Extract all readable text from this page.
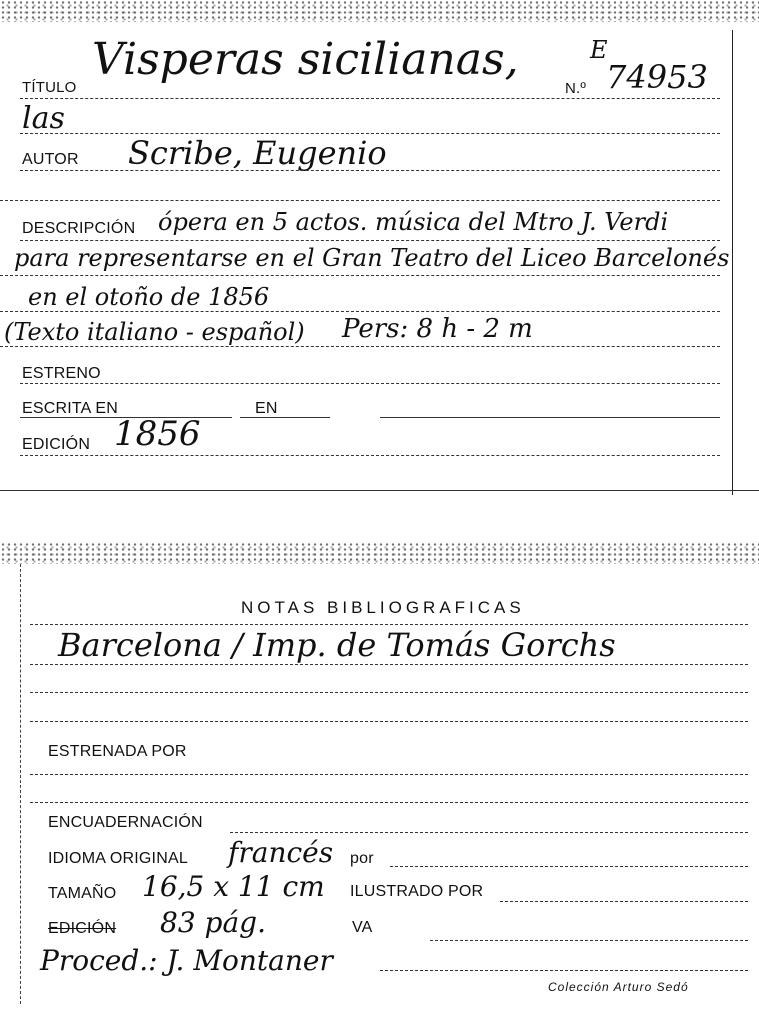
TÍTULO
Visperas sicilianas,	E
N.º 74953
las
AUTOR Scribe, Eugenio
DESCRIPCIÓN ópera en 5 actos. música del Mtro J. Verdi
para representarse en el Gran Teatro del Liceo Barcelonés
en el otoño de 1856
(Texto italiano - español) Pers: 8 h - 2 m
ESTRENO
ESCRITA EN	EN
EDICIÓN 1856
NOTAS BIBLIOGRAFICAS
Barcelona / Imp. de Tomás Gorchs
ESTRENADA POR
ENCUADERNACIÓN
IDIOMA ORIGINAL francés por
TAMAÑO 16,5 x 11 cm ILUSTRADO POR
EDICIÓN 83 pág.	VA
Proced.: J. Montaner
Colección Arturo Sedó
